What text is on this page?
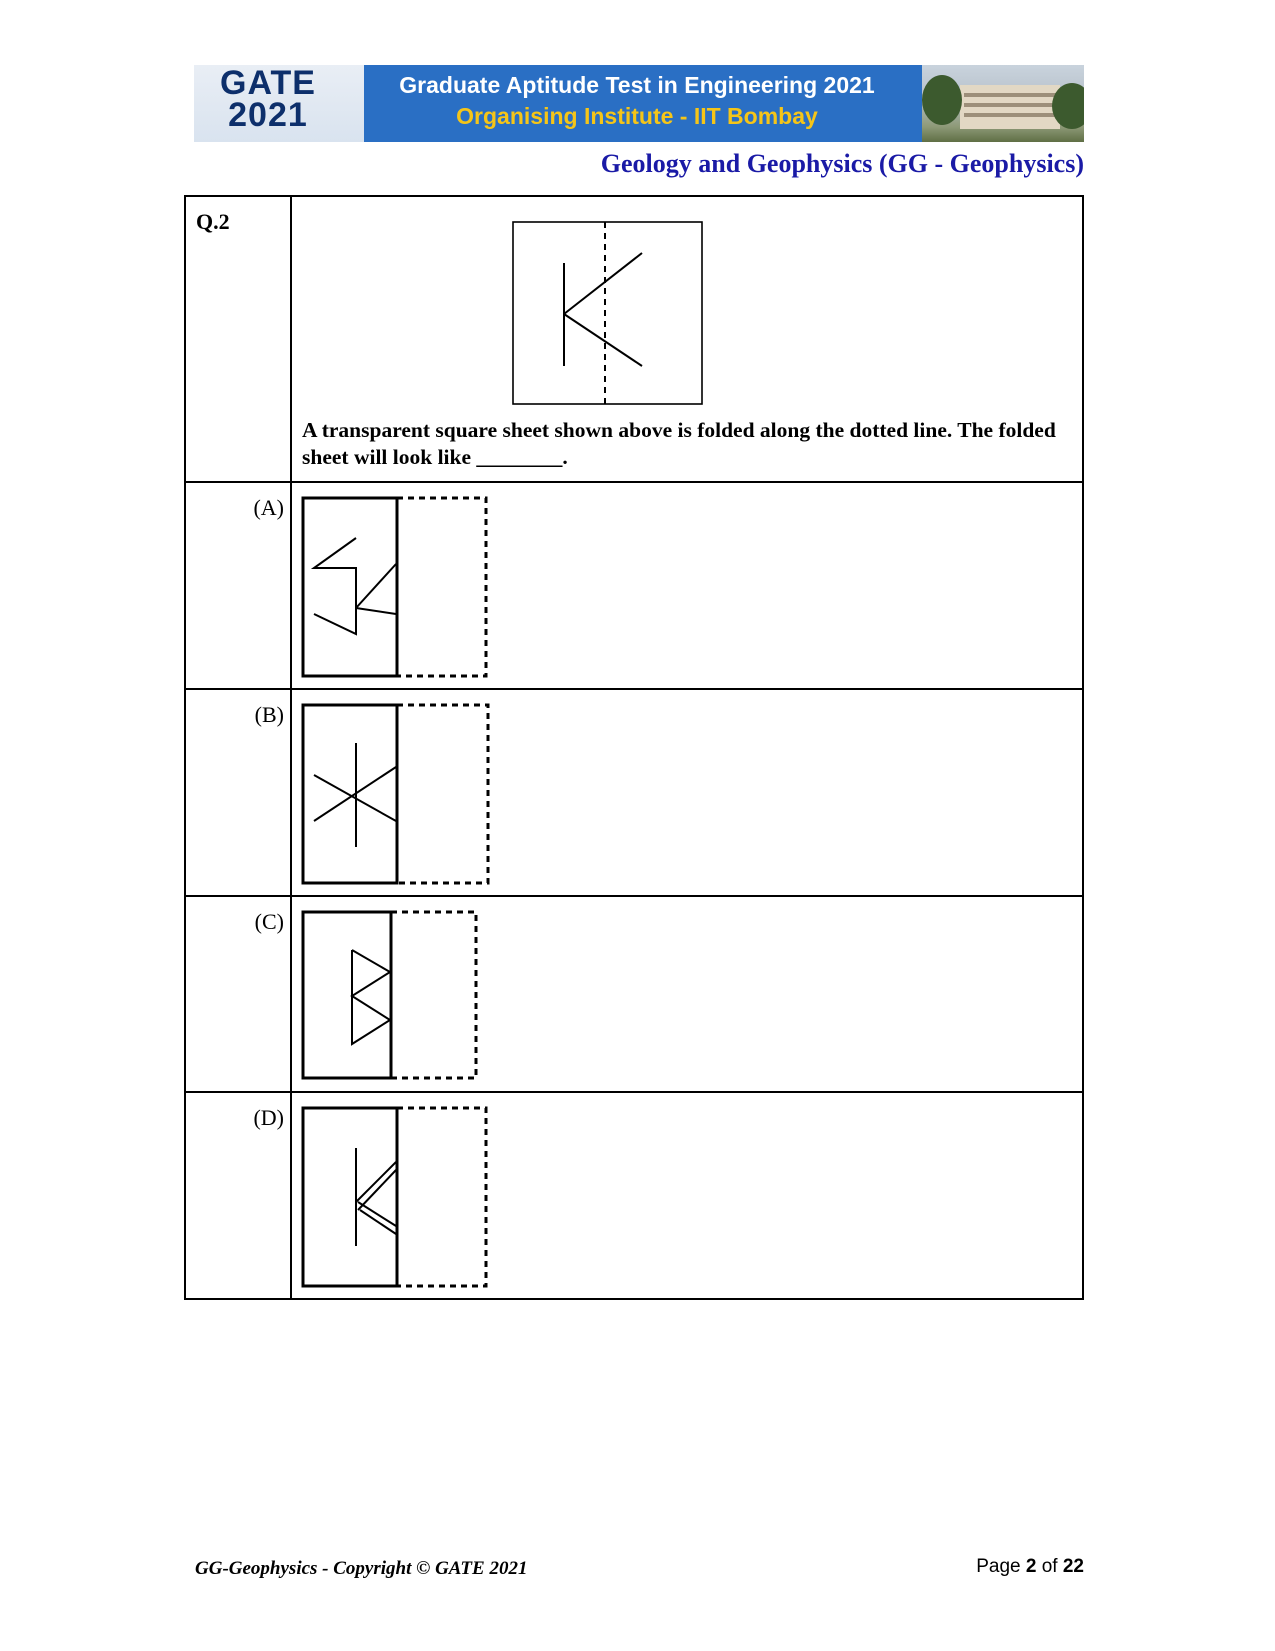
GATE
2021
Graduate Aptitude Test in Engineering 2021
Organising Institute - IIT Bombay
Geology and Geophysics (GG - Geophysics)
Q.2
A transparent square sheet shown above is folded along the dotted line. The folded sheet will look like ________.
(A)
(B)
(C)
(D)
GG-Geophysics - Copyright © GATE 2021	Page 2 of 22
